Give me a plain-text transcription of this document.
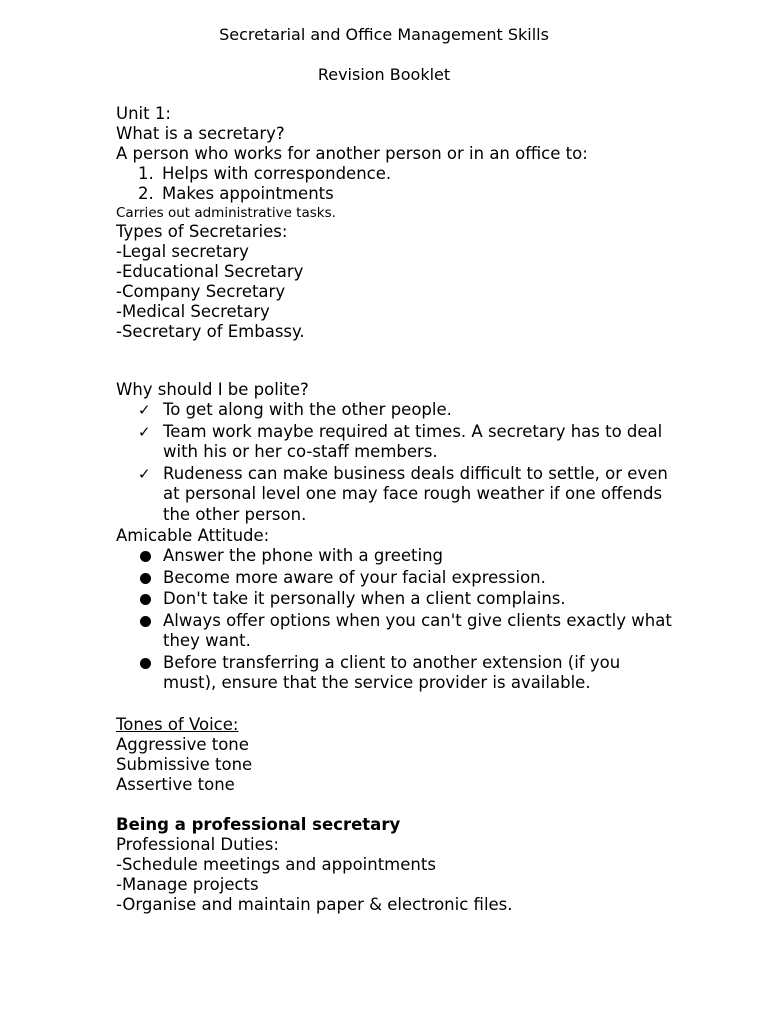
Secretarial and Office Management Skills
Revision Booklet
Unit 1:
What is a secretary?
A person who works for another person or in an office to:
1. Helps with correspondence.
2. Makes appointments
Carries out administrative tasks.
Types of Secretaries:
-Legal secretary
-Educational Secretary
-Company Secretary
-Medical Secretary
-Secretary of Embassy.
Why should I be polite?
✓ To get along with the other people.
✓ Team work maybe required at times. A secretary has to deal with his or her co-staff members.
✓ Rudeness can make business deals difficult to settle, or even at personal level one may face rough weather if one offends the other person.
Amicable Attitude:
Answer the phone with a greeting
Become more aware of your facial expression.
Don't take it personally when a client complains.
Always offer options when you can't give clients exactly what they want.
Before transferring a client to another extension (if you must), ensure that the service provider is available.
Tones of Voice:
Aggressive tone
Submissive tone
Assertive tone
Being a professional secretary
Professional Duties:
-Schedule meetings and appointments
-Manage projects
-Organise and maintain paper & electronic files.
